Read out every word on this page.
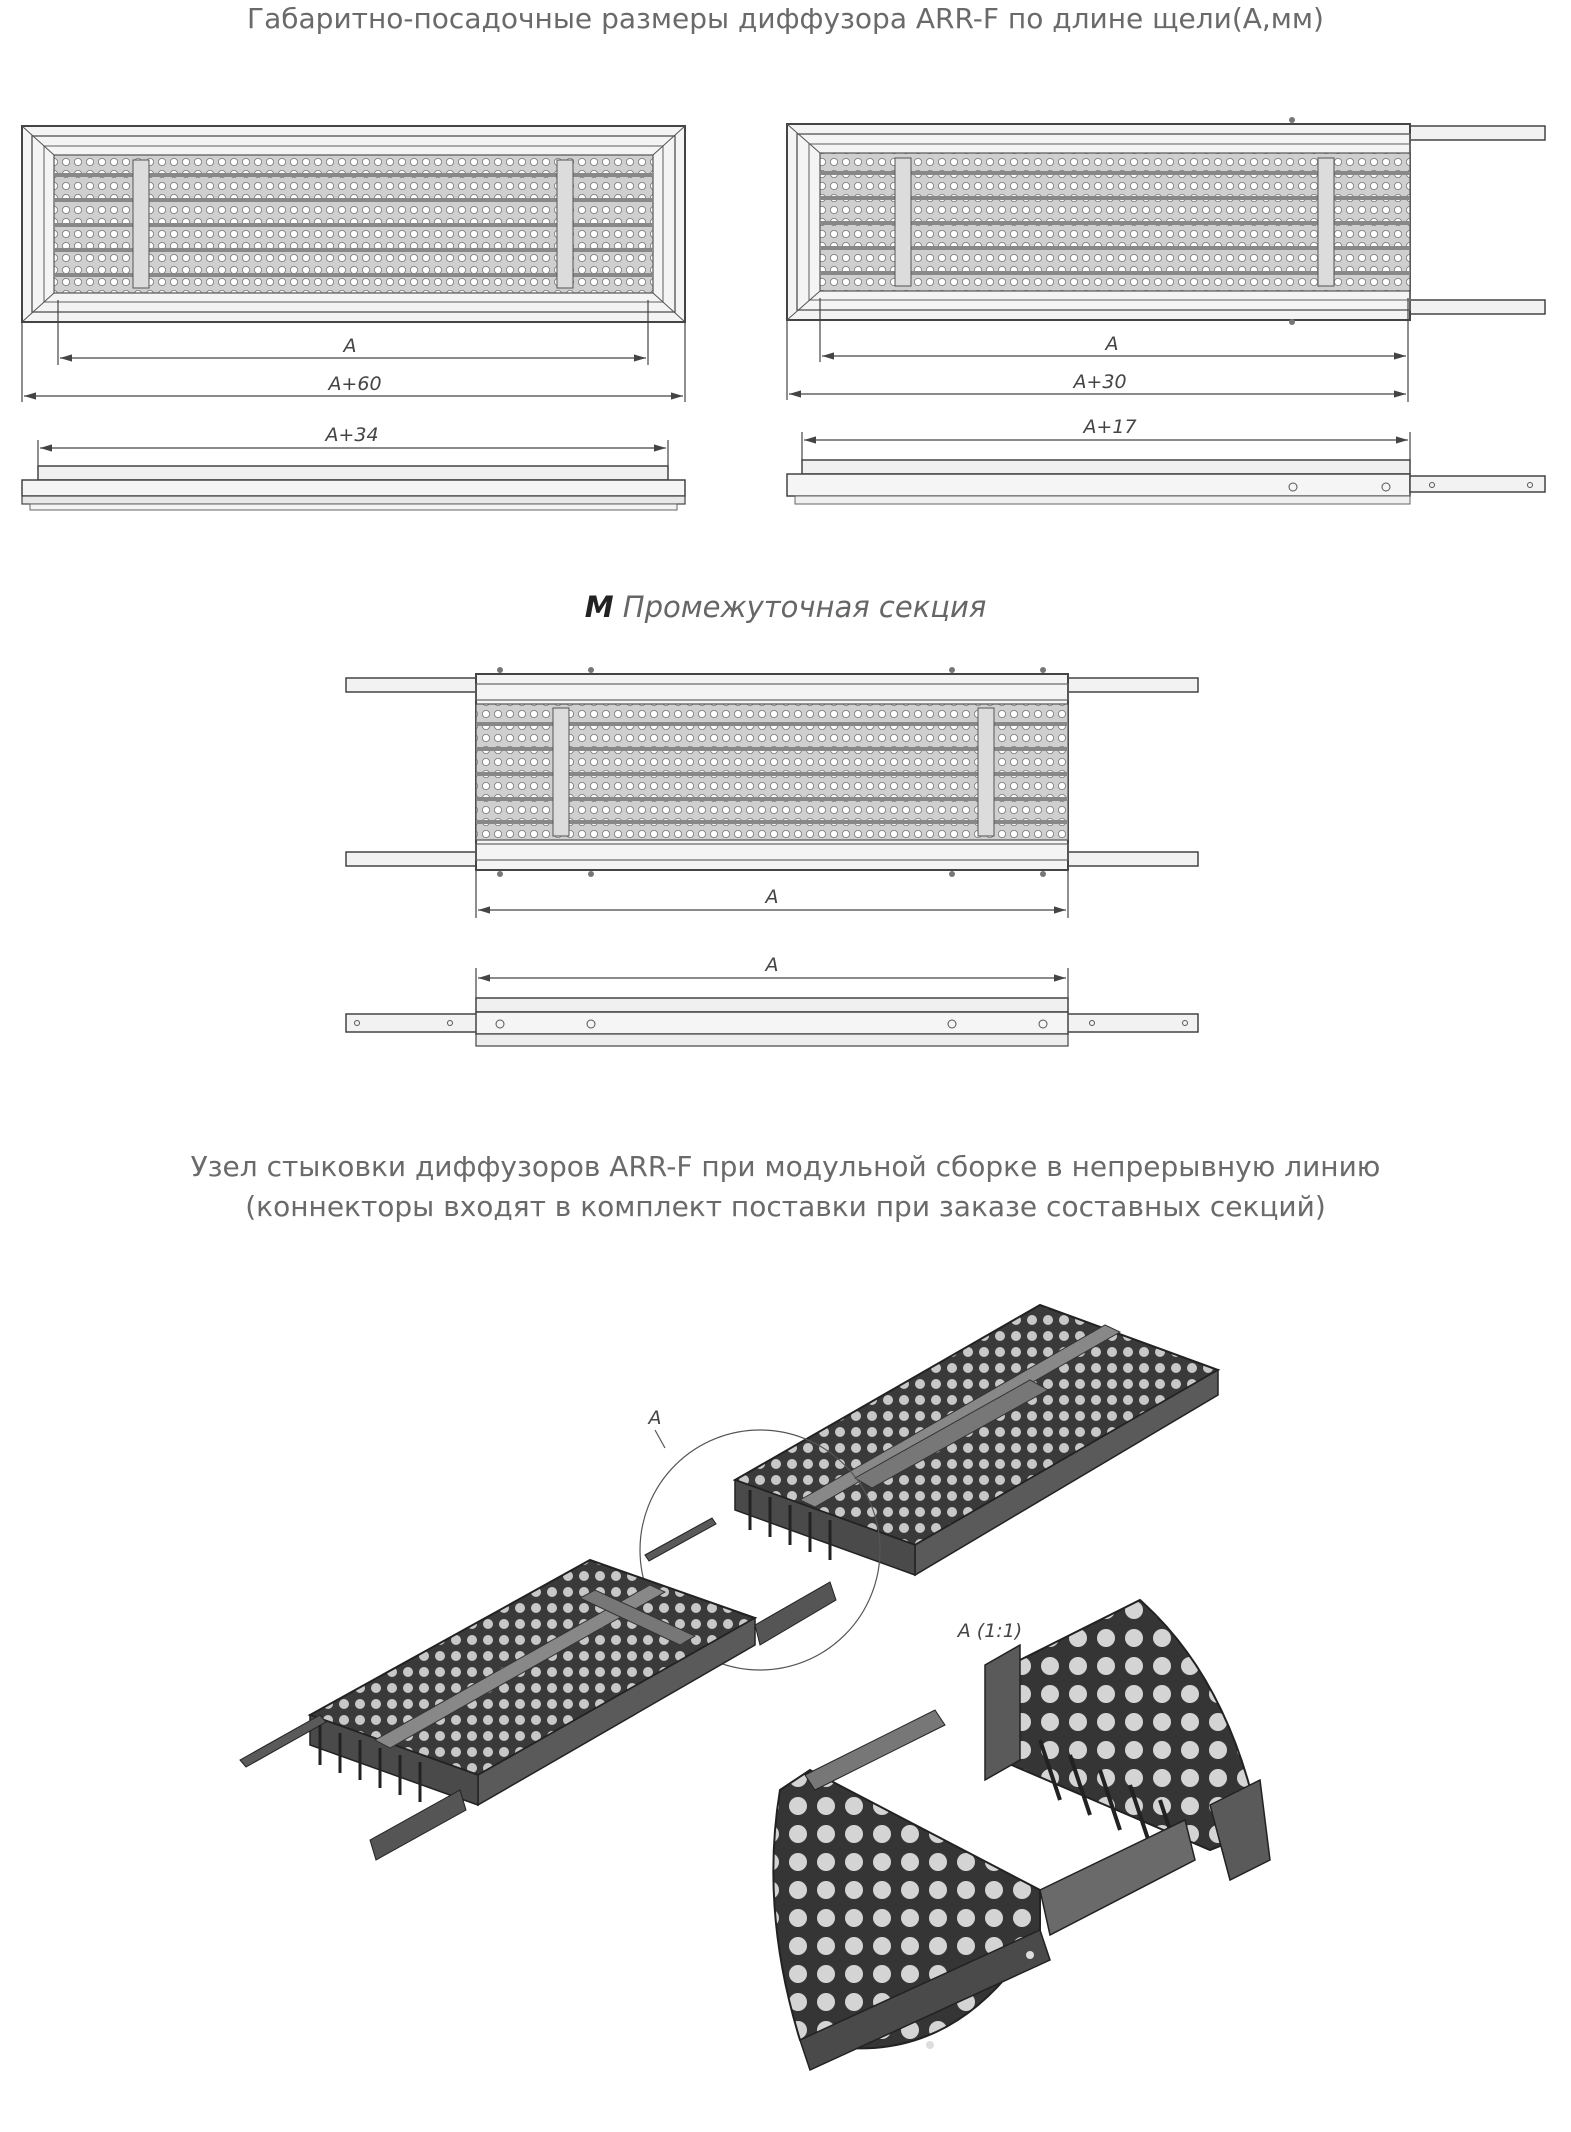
Габаритно-посадочные размеры диффузора ARR-F по длине щели(А,мм)
A
A+60
A+34
A
A+30
A+17
A
A
A
A (1:1)
М Промежуточная секция
Узел стыковки диффузоров ARR-F при модульной сборке в непрерывную линию
(коннекторы входят в комплект поставки при заказе составных секций)
